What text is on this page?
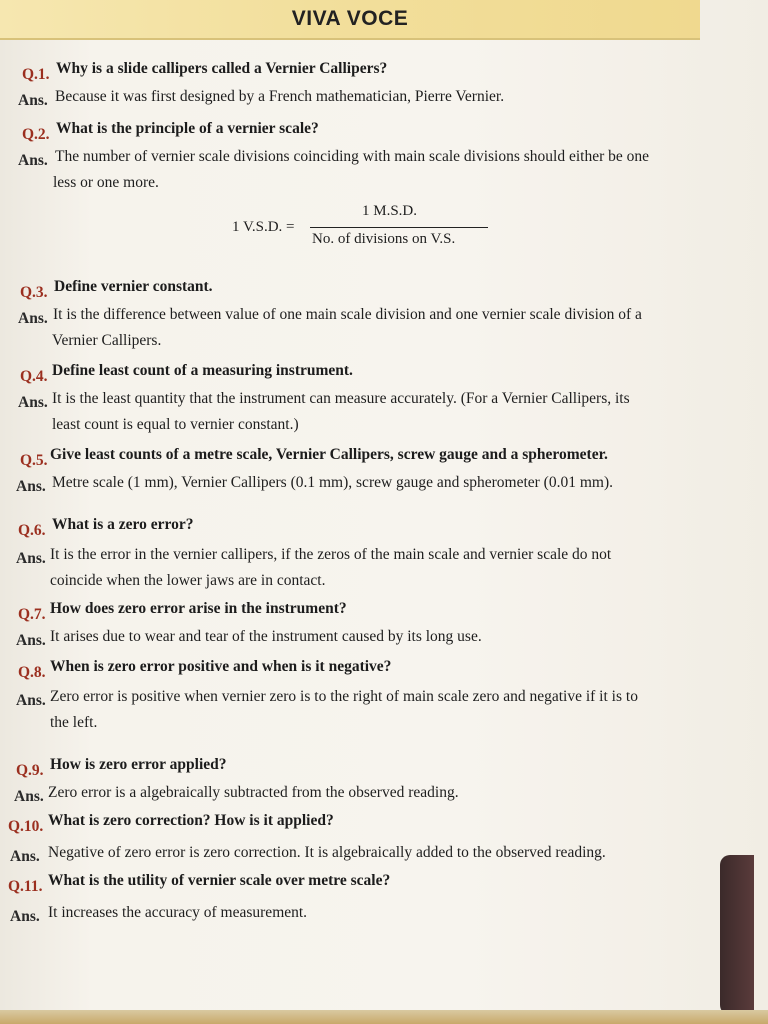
VIVA VOCE
Q.1. Why is a slide callipers called a Vernier Callipers?
Ans. Because it was first designed by a French mathematician, Pierre Vernier.
Q.2. What is the principle of a vernier scale?
Ans. The number of vernier scale divisions coinciding with main scale divisions should either be one
less or one more.
1 V.S.D. =
1 M.S.D.
No. of divisions on V.S.
Q.3. Define vernier constant.
Ans. It is the difference between value of one main scale division and one vernier scale division of a
Vernier Callipers.
Q.4. Define least count of a measuring instrument.
Ans. It is the least quantity that the instrument can measure accurately. (For a Vernier Callipers, its
least count is equal to vernier constant.)
Q.5. Give least counts of a metre scale, Vernier Callipers, screw gauge and a spherometer.
Ans. Metre scale (1 mm), Vernier Callipers (0.1 mm), screw gauge and spherometer (0.01 mm).
Q.6. What is a zero error?
Ans. It is the error in the vernier callipers, if the zeros of the main scale and vernier scale do not
coincide when the lower jaws are in contact.
Q.7. How does zero error arise in the instrument?
Ans. It arises due to wear and tear of the instrument caused by its long use.
Q.8. When is zero error positive and when is it negative?
Ans. Zero error is positive when vernier zero is to the right of main scale zero and negative if it is to
the left.
Q.9. How is zero error applied?
Ans. Zero error is a algebraically subtracted from the observed reading.
Q.10. What is zero correction? How is it applied?
Ans. Negative of zero error is zero correction. It is algebraically added to the observed reading.
Q.11. What is the utility of vernier scale over metre scale?
Ans. It increases the accuracy of measurement.
